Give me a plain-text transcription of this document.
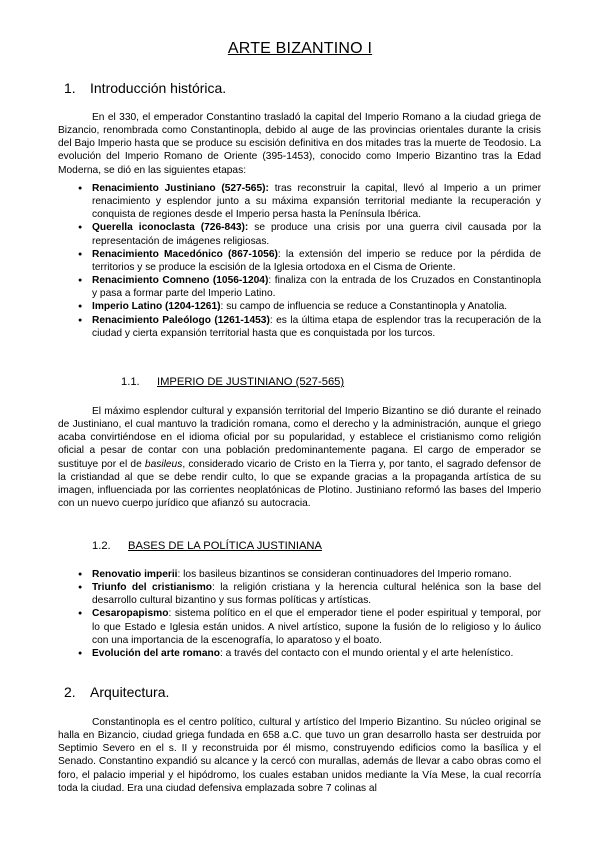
ARTE BIZANTINO I
1. Introducción histórica.

En el 330, el emperador Constantino trasladó la capital del Imperio Romano a la ciudad griega de Bizancio, renombrada como Constantinopla, debido al auge de las provincias orientales durante la crisis del Bajo Imperio hasta que se produce su escisión definitiva en dos mitades tras la muerte de Teodosio. La evolución del Imperio Romano de Oriente (395-1453), conocido como Imperio Bizantino tras la Edad Moderna, se dió en las siguientes etapas:

● Renacimiento Justiniano (527-565): tras reconstruir la capital, llevó al Imperio a un primer renacimiento y esplendor junto a su máxima expansión territorial mediante la recuperación y conquista de regiones desde el Imperio persa hasta la Península Ibérica.
● Querella iconoclasta (726-843): se produce una crisis por una guerra civil causada por la representación de imágenes religiosas.
● Renacimiento Macedónico (867-1056): la extensión del imperio se reduce por la pérdida de territorios y se produce la escisión de la Iglesia ortodoxa en el Cisma de Oriente.
● Renacimiento Comneno (1056-1204): finaliza con la entrada de los Cruzados en Constantinopla y pasa a formar parte del Imperio Latino.
● Imperio Latino (1204-1261): su campo de influencia se reduce a Constantinopla y Anatolia.
● Renacimiento Paleólogo (1261-1453): es la última etapa de esplendor tras la recuperación de la ciudad y cierta expansión territorial hasta que es conquistada por los turcos.
1.1. IMPERIO DE JUSTINIANO (527-565)

El máximo esplendor cultural y expansión territorial del Imperio Bizantino se dió durante el reinado de Justiniano, el cual mantuvo la tradición romana, como el derecho y la administración, aunque el griego acaba convirtiéndose en el idioma oficial por su popularidad, y establece el cristianismo como religión oficial a pesar de contar con una población predominantemente pagana. El cargo de emperador se sustituye por el de basileus, considerado vicario de Cristo en la Tierra y, por tanto, el sagrado defensor de la cristiandad al que se debe rendir culto, lo que se expande gracias a la propaganda artística de su imagen, influenciada por las corrientes neoplatónicas de Plotino. Justiniano reformó las bases del Imperio con un nuevo cuerpo jurídico que afianzó su autocracia.

1.2. BASES DE LA POLÍTICA JUSTINIANA
● Renovatio imperii: los basileus bizantinos se consideran continuadores del Imperio romano.
● Triunfo del cristianismo: la religión cristiana y la herencia cultural helénica son la base del desarrollo cultural bizantino y sus formas políticas y artísticas.
● Cesaropapismo: sistema político en el que el emperador tiene el poder espiritual y temporal, por lo que Estado e Iglesia están unidos. A nivel artístico, supone la fusión de lo religioso y lo áulico con una importancia de la escenografía, lo aparatoso y el boato.
● Evolución del arte romano: a través del contacto con el mundo oriental y el arte helenístico.
2. Arquitectura.

Constantinopla es el centro político, cultural y artístico del Imperio Bizantino. Su núcleo original se halla en Bizancio, ciudad griega fundada en 658 a.C. que tuvo un gran desarrollo hasta ser destruida por Septimio Severo en el s. II y reconstruida por él mismo, construyendo edificios como la basílica y el Senado. Constantino expandió su alcance y la cercó con murallas, además de llevar a cabo obras como el foro, el palacio imperial y el hipódromo, los cuales estaban unidos mediante la Vía Mese, la cual recorría toda la ciudad. Era una ciudad defensiva emplazada sobre 7 colinas al
